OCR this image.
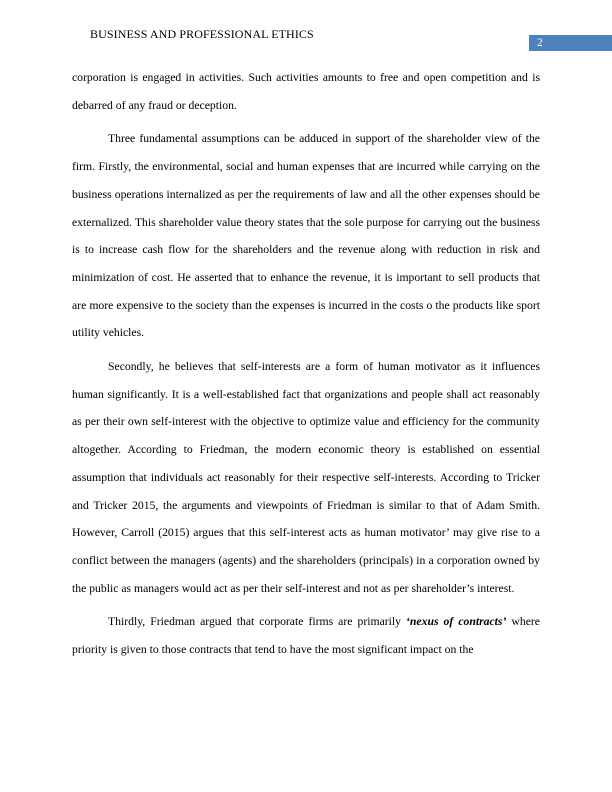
BUSINESS AND PROFESSIONAL ETHICS
2

corporation is engaged in activities. Such activities amounts to free and open competition and is debarred of any fraud or deception.

Three fundamental assumptions can be adduced in support of the shareholder view of the firm. Firstly, the environmental, social and human expenses that are incurred while carrying on the business operations internalized as per the requirements of law and all the other expenses should be externalized. This shareholder value theory states that the sole purpose for carrying out the business is to increase cash flow for the shareholders and the revenue along with reduction in risk and minimization of cost. He asserted that to enhance the revenue, it is important to sell products that are more expensive to the society than the expenses is incurred in the costs o the products like sport utility vehicles.

Secondly, he believes that self-interests are a form of human motivator as it influences human significantly. It is a well-established fact that organizations and people shall act reasonably as per their own self-interest with the objective to optimize value and efficiency for the community altogether. According to Friedman, the modern economic theory is established on essential assumption that individuals act reasonably for their respective self-interests. According to Tricker and Tricker 2015, the arguments and viewpoints of Friedman is similar to that of Adam Smith. However, Carroll (2015) argues that this self-interest acts as human motivator’ may give rise to a conflict between the managers (agents) and the shareholders (principals) in a corporation owned by the public as managers would act as per their self-interest and not as per shareholder’s interest.

Thirdly, Friedman argued that corporate firms are primarily ‘nexus of contracts’ where priority is given to those contracts that tend to have the most significant impact on the
